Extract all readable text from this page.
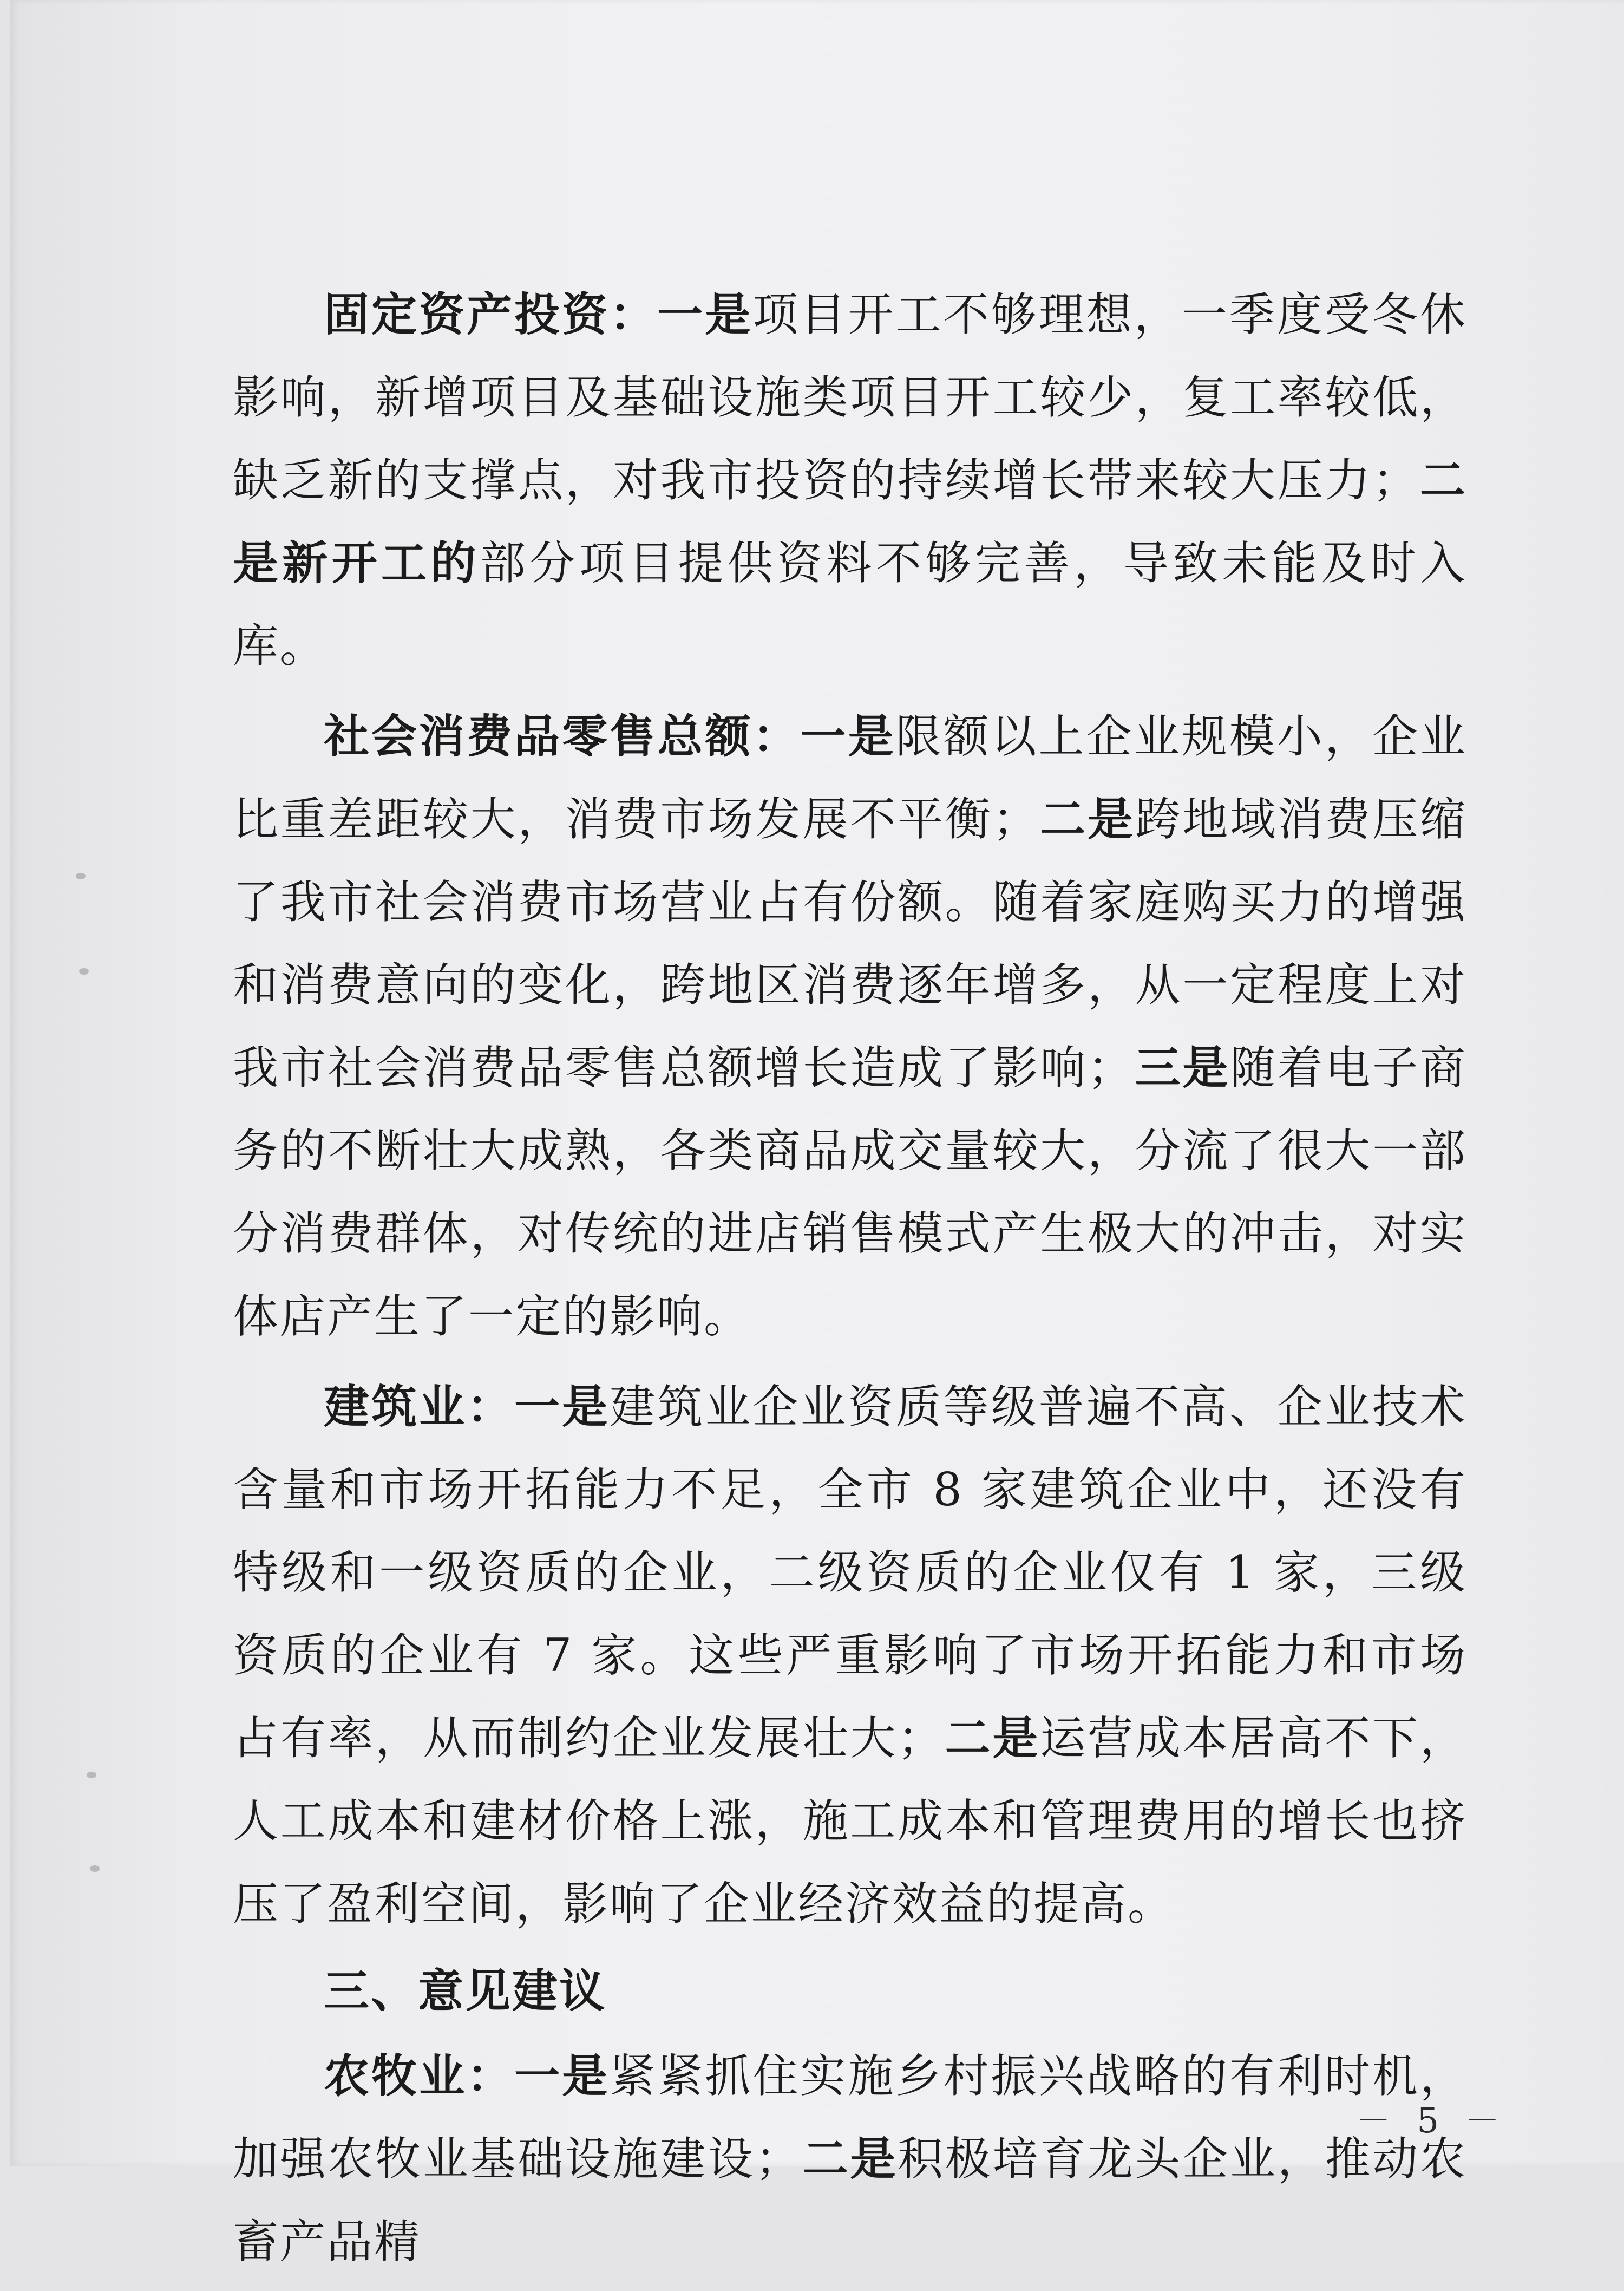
固定资产投资：一是项目开工不够理想，一季度受冬休影响，新增项目及基础设施类项目开工较少，复工率较低，缺乏新的支撑点，对我市投资的持续增长带来较大压力；二是新开工的部分项目提供资料不够完善，导致未能及时入库。

社会消费品零售总额：一是限额以上企业规模小，企业比重差距较大，消费市场发展不平衡；二是跨地域消费压缩了我市社会消费市场营业占有份额。随着家庭购买力的增强和消费意向的变化，跨地区消费逐年增多，从一定程度上对我市社会消费品零售总额增长造成了影响；三是随着电子商务的不断壮大成熟，各类商品成交量较大，分流了很大一部分消费群体，对传统的进店销售模式产生极大的冲击，对实体店产生了一定的影响。

建筑业：一是建筑业企业资质等级普遍不高、企业技术含量和市场开拓能力不足，全市 8 家建筑企业中，还没有特级和一级资质的企业，二级资质的企业仅有 1 家，三级资质的企业有 7 家。这些严重影响了市场开拓能力和市场占有率，从而制约企业发展壮大；二是运营成本居高不下，人工成本和建材价格上涨，施工成本和管理费用的增长也挤压了盈利空间，影响了企业经济效益的提高。

三、意见建议

农牧业：一是紧紧抓住实施乡村振兴战略的有利时机，加强农牧业基础设施建设；二是积极培育龙头企业，推动农畜产品精

－ 5 －
